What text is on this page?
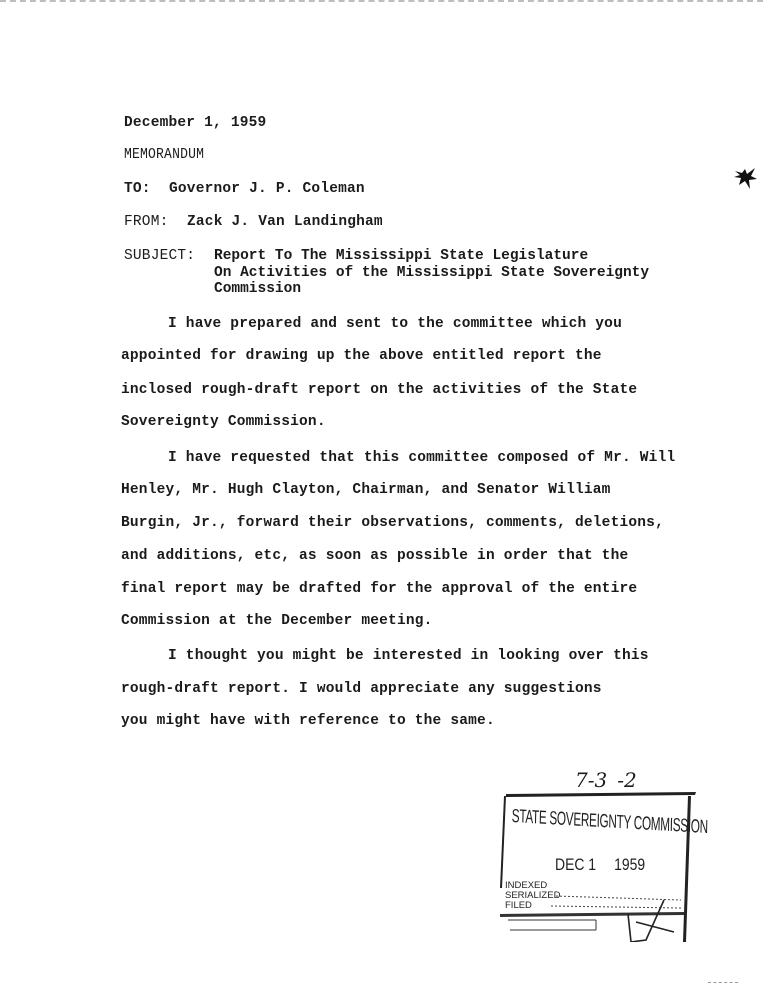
December 1, 1959
MEMORANDUM
TO: Governor J. P. Coleman
FROM: Zack J. Van Landingham
SUBJECT: Report To The Mississippi State Legislature
On Activities of the Mississippi State Sovereignty
Commission
I have prepared and sent to the committee which you
appointed for drawing up the above entitled report the
inclosed rough-draft report on the activities of the State
Sovereignty Commission.
I have requested that this committee composed of Mr. Will
Henley, Mr. Hugh Clayton, Chairman, and Senator William
Burgin, Jr., forward their observations, comments, deletions,
and additions, etc, as soon as possible in order that the
final report may be drafted for the approval of the entire
Commission at the December meeting.
I thought you might be interested in looking over this
rough-draft report. I would appreciate any suggestions
you might have with reference to the same.
7-3 -2
STATE SOVEREIGNTY COMMISSION
DEC 1 1959
INDEXED
SERIALIZED
FILED
